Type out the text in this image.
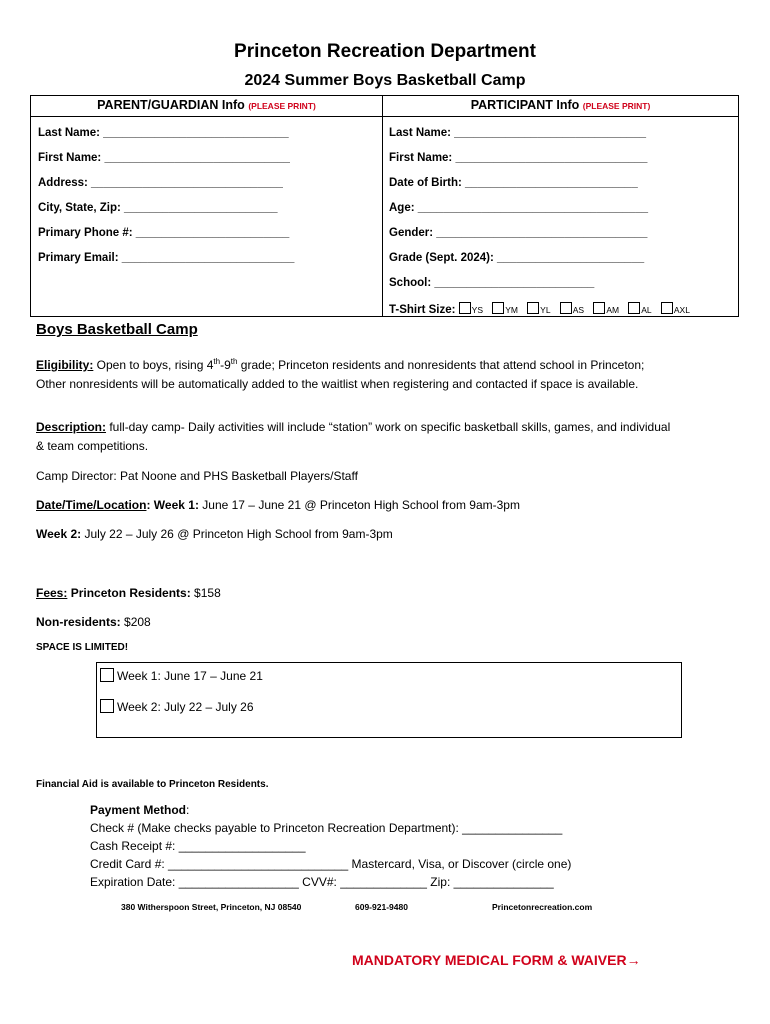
Princeton Recreation Department
2024 Summer Boys Basketball Camp
PARENT/GUARDIAN Info (PLEASE PRINT)	PARTICIPANT Info (PLEASE PRINT)
Last Name: _____________________________
First Name: _____________________________
Address: ______________________________
City, State, Zip: ________________________
Primary Phone #: ________________________
Primary Email: ___________________________
Last Name: ______________________________
First Name: ______________________________
Date of Birth: ___________________________
Age: ____________________________________
Gender: _________________________________
Grade (Sept. 2024): _______________________
School: _________________________
T-Shirt Size: YS	YM	YL	AS	AM	AL	AXL
Boys Basketball Camp
Eligibility: Open to boys, rising 4th-9th grade; Princeton residents and nonresidents that attend school in Princeton; Other nonresidents will be automatically added to the waitlist when registering and contacted if space is available.
Description: full-day camp- Daily activities will include “station” work on specific basketball skills, games, and individual & team competitions.
Camp Director: Pat Noone and PHS Basketball Players/Staff
Date/Time/Location: Week 1: June 17 – June 21 @ Princeton High School from 9am-3pm
Week 2: July 22 – July 26 @ Princeton High School from 9am-3pm
Fees: Princeton Residents: $158
Non-residents: $208
SPACE IS LIMITED!
Week 1: June 17 – June 21
Week 2: July 22 – July 26
Financial Aid is available to Princeton Residents.
Payment Method:
Check # (Make checks payable to Princeton Recreation Department): _______________
Cash Receipt #: ___________________
Credit Card #: ___________________________ Mastercard, Visa, or Discover (circle one)
Expiration Date: __________________ CVV#: _____________ Zip: _______________
380 Witherspoon Street, Princeton, NJ 08540	609-921-9480	Princetonrecreation.com
MANDATORY MEDICAL FORM & WAIVER→
